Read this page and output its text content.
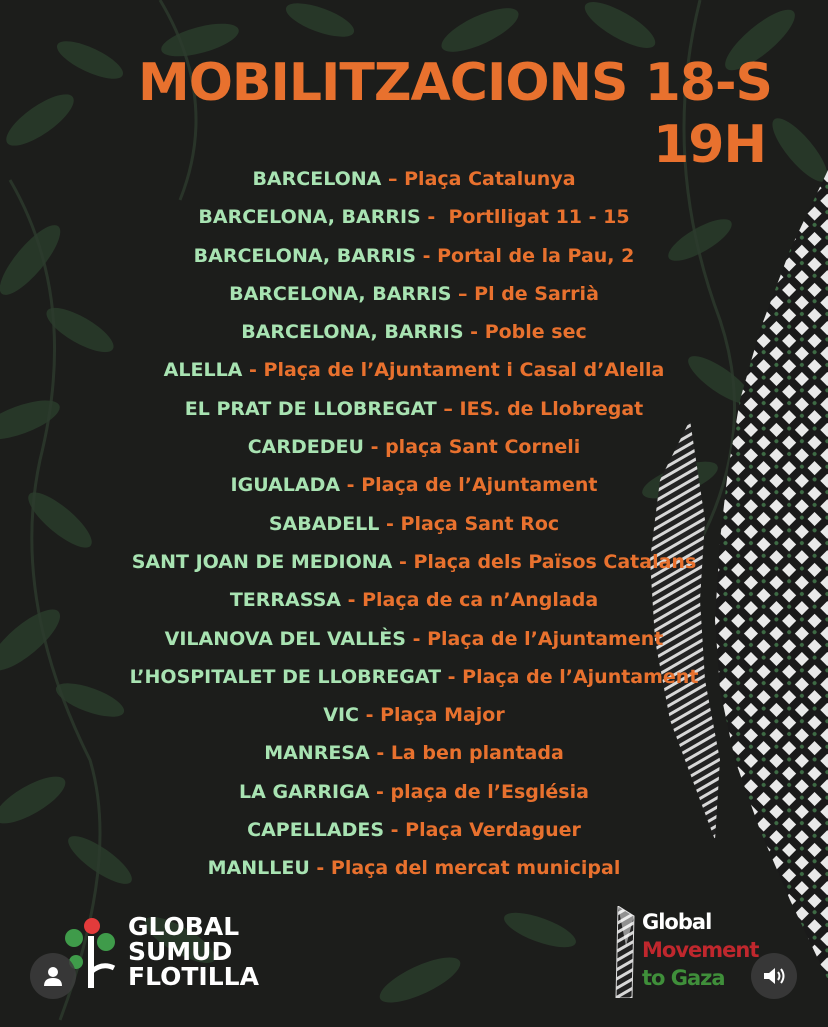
MOBILITZACIONS 18-S
19H
BARCELONA – Plaça Catalunya
BARCELONA, BARRIS -  Portlligat 11 - 15
BARCELONA, BARRIS - Portal de la Pau, 2
BARCELONA, BARRIS – Pl de Sarrià
BARCELONA, BARRIS - Poble sec
ALELLA - Plaça de l’Ajuntament i Casal d’Alella
EL PRAT DE LLOBREGAT – IES. de Llobregat
CARDEDEU - plaça Sant Corneli
IGUALADA - Plaça de l’Ajuntament
SABADELL - Plaça Sant Roc
SANT JOAN DE MEDIONA - Plaça dels Països Catalans
TERRASSA - Plaça de ca n’Anglada
VILANOVA DEL VALLÈS - Plaça de l’Ajuntament
L’HOSPITALET DE LLOBREGAT - Plaça de l’Ajuntament
VIC - Plaça Major
MANRESA - La ben plantada
LA GARRIGA - plaça de l’Església
CAPELLADES - Plaça Verdaguer
MANLLEU - Plaça del mercat municipal
GLOBAL
SUMUD
FLOTILLA
Global
Movement
to Gaza
